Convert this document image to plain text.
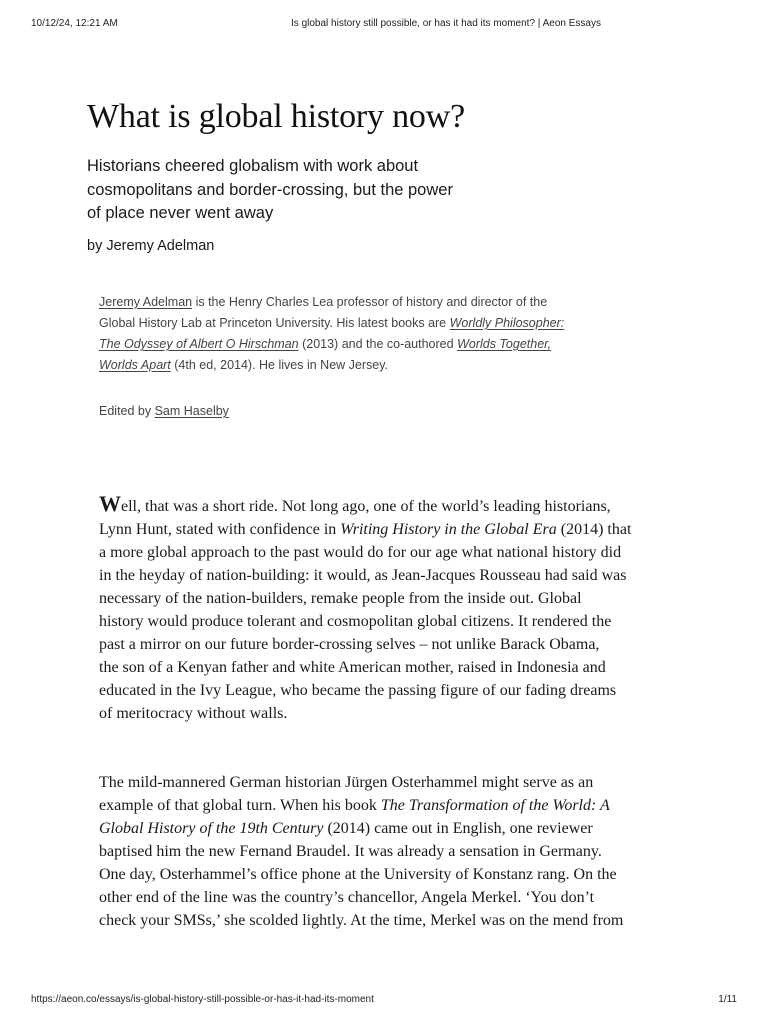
10/12/24, 12:21 AM	Is global history still possible, or has it had its moment? | Aeon Essays
What is global history now?

Historians cheered globalism with work about
cosmopolitans and border-crossing, but the power
of place never went away

by Jeremy Adelman

Jeremy Adelman is the Henry Charles Lea professor of history and director of the
Global History Lab at Princeton University. His latest books are Worldly Philosopher:
The Odyssey of Albert O Hirschman (2013) and the co-authored Worlds Together,
Worlds Apart (4th ed, 2014). He lives in New Jersey.

Edited by Sam Haselby

Well, that was a short ride. Not long ago, one of the world’s leading historians,
Lynn Hunt, stated with confidence in Writing History in the Global Era (2014) that
a more global approach to the past would do for our age what national history did
in the heyday of nation-building: it would, as Jean-Jacques Rousseau had said was
necessary of the nation-builders, remake people from the inside out. Global
history would produce tolerant and cosmopolitan global citizens. It rendered the
past a mirror on our future border-crossing selves – not unlike Barack Obama,
the son of a Kenyan father and white American mother, raised in Indonesia and
educated in the Ivy League, who became the passing figure of our fading dreams
of meritocracy without walls.

The mild-mannered German historian Jürgen Osterhammel might serve as an
example of that global turn. When his book The Transformation of the World: A
Global History of the 19th Century (2014) came out in English, one reviewer
baptised him the new Fernand Braudel. It was already a sensation in Germany.
One day, Osterhammel’s office phone at the University of Konstanz rang. On the
other end of the line was the country’s chancellor, Angela Merkel. ‘You don’t
check your SMSs,’ she scolded lightly. At the time, Merkel was on the mend from

https://aeon.co/essays/is-global-history-still-possible-or-has-it-had-its-moment	1/11
